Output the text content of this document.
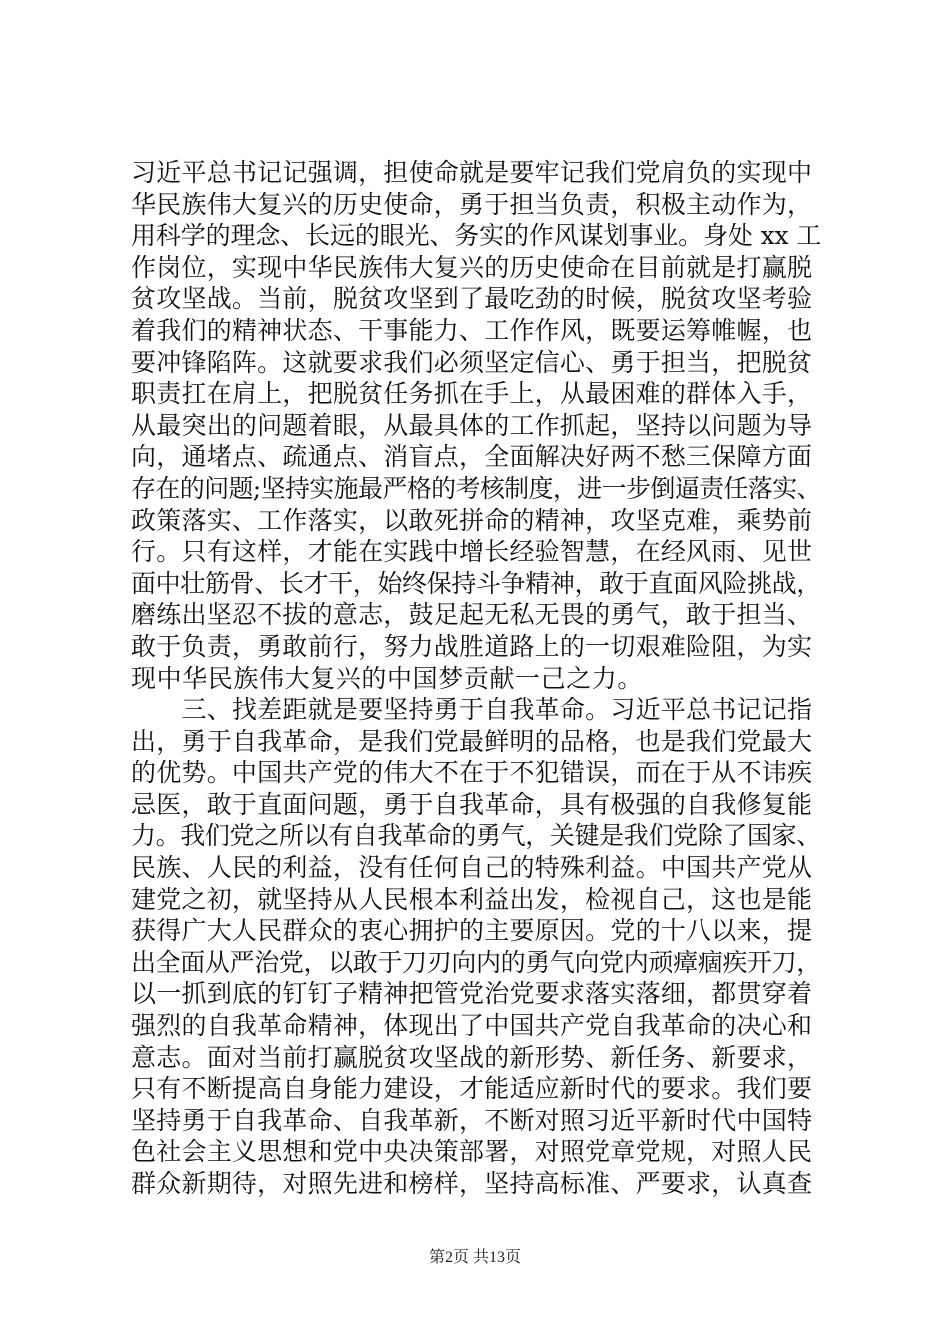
习近平总书记记强调，担使命就是要牢记我们党肩负的实现中
华民族伟大复兴的历史使命，勇于担当负责，积极主动作为，
用科学的理念、长远的眼光、务实的作风谋划事业。身处 xx 工
作岗位，实现中华民族伟大复兴的历史使命在目前就是打赢脱
贫攻坚战。当前，脱贫攻坚到了最吃劲的时候，脱贫攻坚考验
着我们的精神状态、干事能力、工作作风，既要运筹帷幄，也
要冲锋陷阵。这就要求我们必须坚定信心、勇于担当，把脱贫
职责扛在肩上，把脱贫任务抓在手上，从最困难的群体入手，
从最突出的问题着眼，从最具体的工作抓起，坚持以问题为导
向，通堵点、疏通点、消盲点，全面解决好两不愁三保障方面
存在的问题;坚持实施最严格的考核制度，进一步倒逼责任落实、
政策落实、工作落实，以敢死拼命的精神，攻坚克难，乘势前
行。只有这样，才能在实践中增长经验智慧，在经风雨、见世
面中壮筋骨、长才干，始终保持斗争精神，敢于直面风险挑战，
磨练出坚忍不拔的意志，鼓足起无私无畏的勇气，敢于担当、
敢于负责，勇敢前行，努力战胜道路上的一切艰难险阻，为实
现中华民族伟大复兴的中国梦贡献一己之力。
　　三、找差距就是要坚持勇于自我革命。习近平总书记记指
出，勇于自我革命，是我们党最鲜明的品格，也是我们党最大
的优势。中国共产党的伟大不在于不犯错误，而在于从不讳疾
忌医，敢于直面问题，勇于自我革命，具有极强的自我修复能
力。我们党之所以有自我革命的勇气，关键是我们党除了国家、
民族、人民的利益，没有任何自己的特殊利益。中国共产党从
建党之初，就坚持从人民根本利益出发，检视自己，这也是能
获得广大人民群众的衷心拥护的主要原因。党的十八以来，提
出全面从严治党，以敢于刀刃向内的勇气向党内顽瘴痼疾开刀，
以一抓到底的钉钉子精神把管党治党要求落实落细，都贯穿着
强烈的自我革命精神，体现出了中国共产党自我革命的决心和
意志。面对当前打赢脱贫攻坚战的新形势、新任务、新要求，
只有不断提高自身能力建设，才能适应新时代的要求。我们要
坚持勇于自我革命、自我革新，不断对照习近平新时代中国特
色社会主义思想和党中央决策部署，对照党章党规，对照人民
群众新期待，对照先进和榜样，坚持高标准、严要求，认真查
第2页 共13页
